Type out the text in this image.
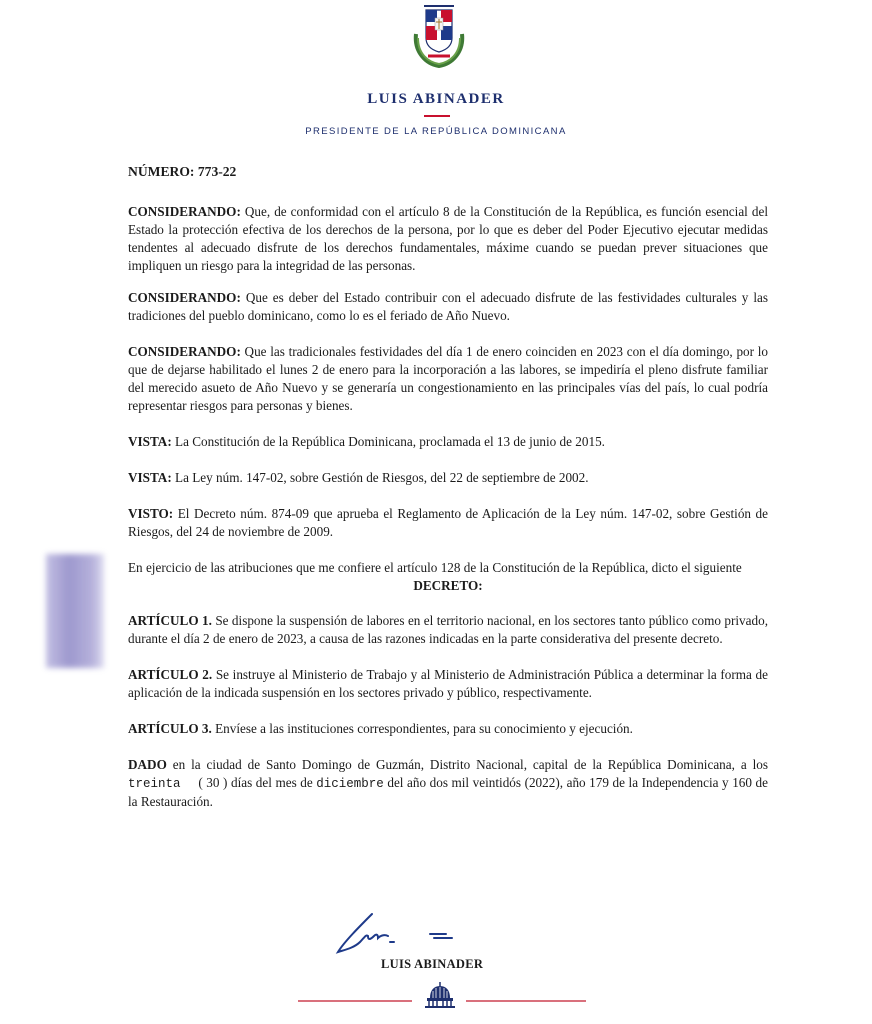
LUIS ABINADER
PRESIDENTE DE LA REPÚBLICA DOMINICANA

NÚMERO: 773-22

CONSIDERANDO: Que, de conformidad con el artículo 8 de la Constitución de la República, es función esencial del Estado la protección efectiva de los derechos de la persona, por lo que es deber del Poder Ejecutivo ejecutar medidas tendentes al adecuado disfrute de los derechos fundamentales, máxime cuando se puedan prever situaciones que impliquen un riesgo para la integridad de las personas.

CONSIDERANDO: Que es deber del Estado contribuir con el adecuado disfrute de las festividades culturales y las tradiciones del pueblo dominicano, como lo es el feriado de Año Nuevo.

CONSIDERANDO: Que las tradicionales festividades del día 1 de enero coinciden en 2023 con el día domingo, por lo que de dejarse habilitado el lunes 2 de enero para la incorporación a las labores, se impediría el pleno disfrute familiar del merecido asueto de Año Nuevo y se generaría un congestionamiento en las principales vías del país, lo cual podría representar riesgos para personas y bienes.

VISTA: La Constitución de la República Dominicana, proclamada el 13 de junio de 2015.

VISTA: La Ley núm. 147-02, sobre Gestión de Riesgos, del 22 de septiembre de 2002.

VISTO: El Decreto núm. 874-09 que aprueba el Reglamento de Aplicación de la Ley núm. 147-02, sobre Gestión de Riesgos, del 24 de noviembre de 2009.

En ejercicio de las atribuciones que me confiere el artículo 128 de la Constitución de la República, dicto el siguiente

DECRETO:

ARTÍCULO 1. Se dispone la suspensión de labores en el territorio nacional, en los sectores tanto público como privado, durante el día 2 de enero de 2023, a causa de las razones indicadas en la parte considerativa del presente decreto.

ARTÍCULO 2. Se instruye al Ministerio de Trabajo y al Ministerio de Administración Pública a determinar la forma de aplicación de la indicada suspensión en los sectores privado y público, respectivamente.

ARTÍCULO 3. Envíese a las instituciones correspondientes, para su conocimiento y ejecución.

DADO en la ciudad de Santo Domingo de Guzmán, Distrito Nacional, capital de la República Dominicana, a los treinta ( 30 ) días del mes de diciembre del año dos mil veintidós (2022), año 179 de la Independencia y 160 de la Restauración.

LUIS ABINADER
